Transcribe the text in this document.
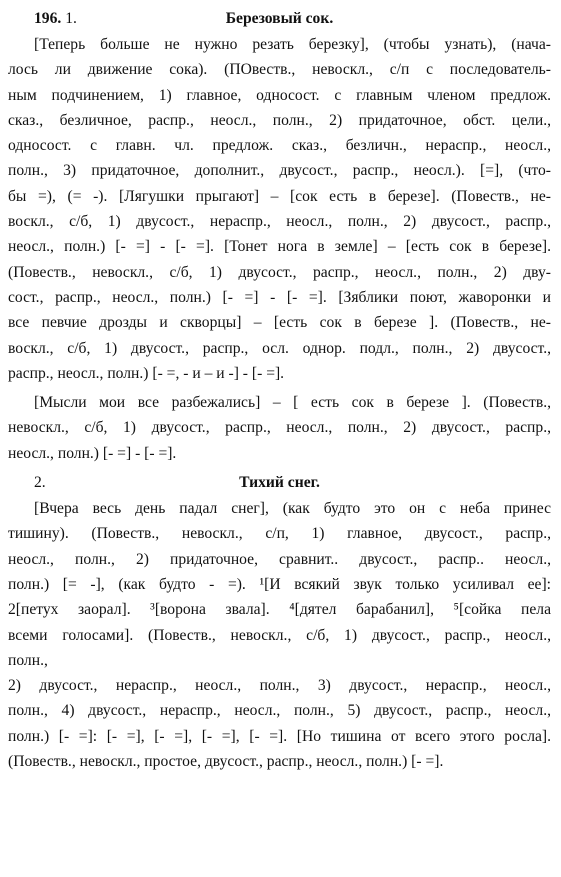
196. 1.	Березовый сок.
[Теперь больше не нужно резать березку], (чтобы узнать), (нача-
лось ли движение сока). (ПОвеств., невоскл., с/п с последователь-
ным подчинением, 1) главное, односост. с главным членом предлож.
сказ., безличное, распр., неосл., полн., 2) придаточное, обст. цели.,
односост. с главн. чл. предлож. сказ., безличн., нераспр., неосл.,
полн., 3) придаточное, дополнит., двусост., распр., неосл.). [=], (что-
бы =), (= -). [Лягушки прыгают] – [сок есть в березе]. (Повеств., не-
воскл., с/б, 1) двусост., нераспр., неосл., полн., 2) двусост., распр.,
неосл., полн.) [- =] - [- =]. [Тонет нога в земле] – [есть сок в березе].
(Повеств., невоскл., с/б, 1) двусост., распр., неосл., полн., 2) дву-
сост., распр., неосл., полн.) [- =] - [- =]. [Зяблики поют, жаворонки и
все певчие дрозды и скворцы] – [есть сок в березе ]. (Повеств., не-
воскл., с/б, 1) двусост., распр., осл. однор. подл., полн., 2) двусост.,
распр., неосл., полн.) [- =, - и – и -] - [- =].
[Мысли мои все разбежались] – [ есть сок в березе ]. (Повеств.,
невоскл., с/б, 1) двусост., распр., неосл., полн., 2) двусост., распр.,
неосл., полн.) [- =] - [- =].
2.	Тихий снег.
[Вчера весь день падал снег], (как будто это он с неба принес
тишину). (Повеств., невоскл., с/п, 1) главное, двусост., распр.,
неосл., полн., 2) придаточное, сравнит.. двусост., распр.. неосл.,
полн.) [= -], (как будто - =). ¹[И всякий звук только усиливал ее]:
2[петух заорал]. ³[ворона звала]. ⁴[дятел барабанил], ⁵[сойка пела
всеми голосами]. (Повеств., невоскл., с/б, 1) двусост., распр., неосл.,
полн.,
2) двусост., нераспр., неосл., полн., 3) двусост., нераспр., неосл.,
полн., 4) двусост., нераспр., неосл., полн., 5) двусост., распр., неосл.,
полн.) [- =]: [- =], [- =], [- =], [- =]. [Но тишина от всего этого росла].
(Повеств., невоскл., простое, двусост., распр., неосл., полн.) [- =].
